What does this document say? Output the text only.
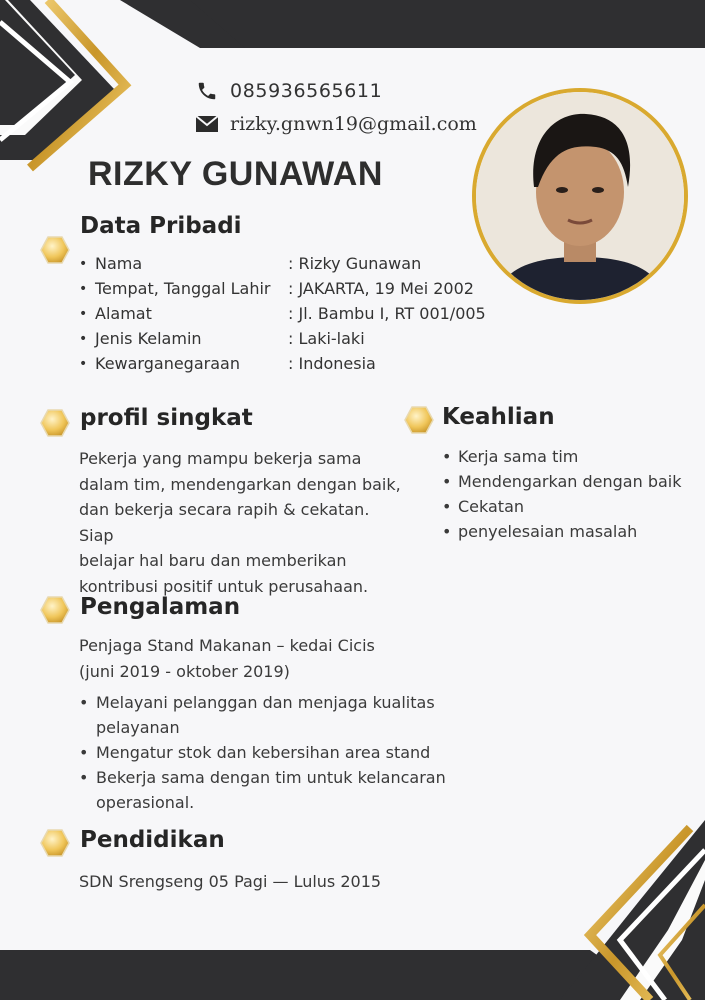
085936565611
rizky.gnwn19@gmail.com
RIZKY GUNAWAN
Data Pribadi
• Nama	: Rizky Gunawan
• Tempat, Tanggal Lahir	: JAKARTA, 19 Mei 2002
• Alamat	: Jl. Bambu I, RT 001/005
• Jenis Kelamin	: Laki-laki
• Kewarganegaraan	: Indonesia
profil singkat
Pekerja yang mampu bekerja sama
dalam tim, mendengarkan dengan baik,
dan bekerja secara rapih & cekatan. Siap
belajar hal baru dan memberikan
kontribusi positif untuk perusahaan.
Keahlian
• Kerja sama tim
• Mendengarkan dengan baik
• Cekatan
• penyelesaian masalah
Pengalaman
Penjaga Stand Makanan – kedai Cicis
(juni 2019 - oktober 2019)
• Melayani pelanggan dan menjaga kualitas
pelayanan
• Mengatur stok dan kebersihan area stand
• Bekerja sama dengan tim untuk kelancaran
operasional.
Pendidikan
SDN Srengseng 05 Pagi — Lulus 2015
